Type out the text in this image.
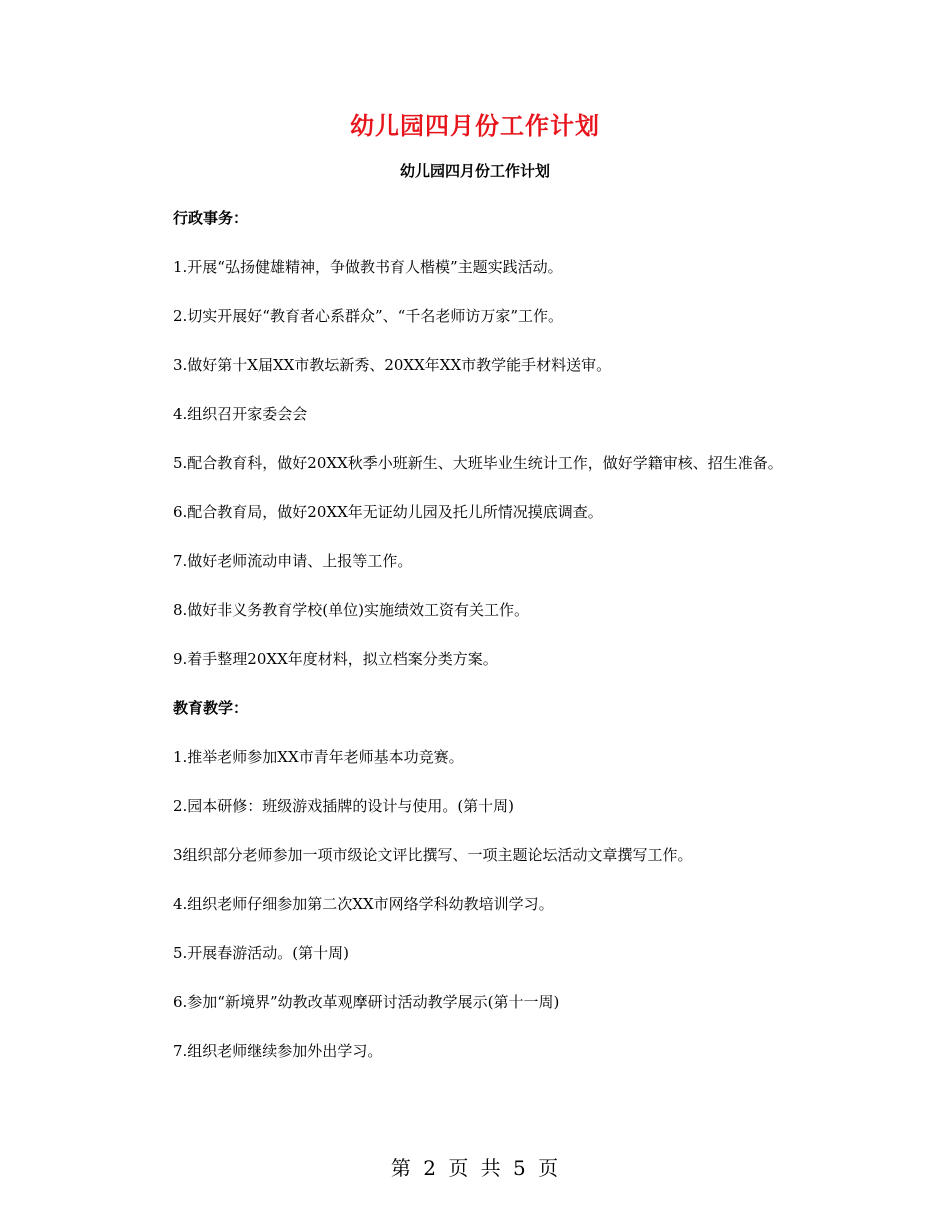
幼儿园四月份工作计划
幼儿园四月份工作计划

行政事务：

1.开展“弘扬健雄精神，争做教书育人楷模”主题实践活动。

2.切实开展好“教育者心系群众”、“千名老师访万家”工作。

3.做好第十X届XX市教坛新秀、20XX年XX市教学能手材料送审。

4.组织召开家委会会

5.配合教育科，做好20XX秋季小班新生、大班毕业生统计工作，做好学籍审核、招生准备。

6.配合教育局，做好20XX年无证幼儿园及托儿所情况摸底调查。

7.做好老师流动申请、上报等工作。

8.做好非义务教育学校(单位)实施绩效工资有关工作。

9.着手整理20XX年度材料，拟立档案分类方案。

教育教学：

1.推举老师参加XX市青年老师基本功竞赛。

2.园本研修：班级游戏插牌的设计与使用。(第十周)

3组织部分老师参加一项市级论文评比撰写、一项主题论坛活动文章撰写工作。

4.组织老师仔细参加第二次XX市网络学科幼教培训学习。

5.开展春游活动。(第十周)

6.参加“新境界”幼教改革观摩研讨活动教学展示(第十一周)

7.组织老师继续参加外出学习。

第 2 页 共 5 页
